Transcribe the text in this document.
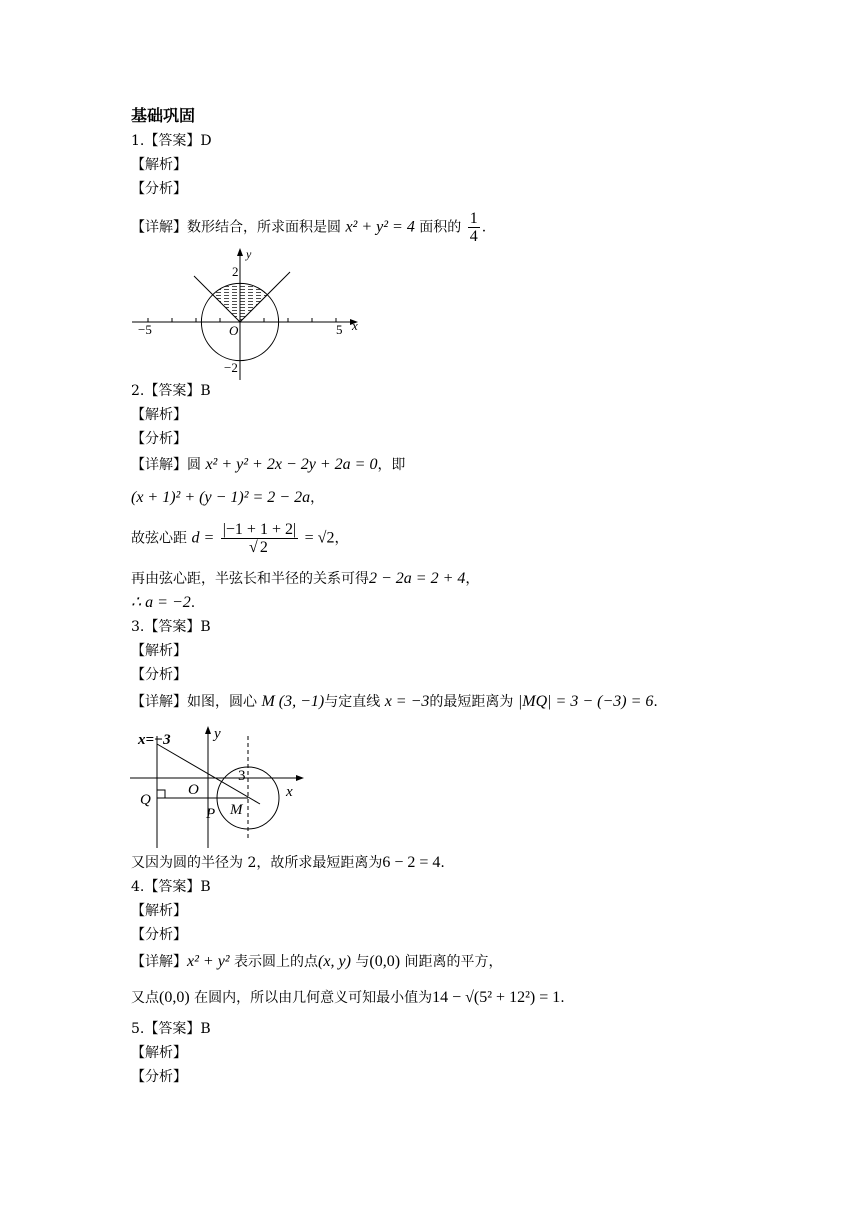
基础巩固
1.【答案】D
【解析】
【分析】
【详解】数形结合，所求面积是圆 x² + y² = 4 面积的 $\frac{1}{4}$ .
y
x
2
−2
−5	5
O
2.【答案】B
【解析】
【分析】
【详解】圆 x² + y² + 2x − 2y + 2a = 0，即
(x + 1)² + (y − 1)² = 2 − 2a，
故弦心距 $d = \frac{|-1 + 1 + 2|}{√ 2} = √2$，
再由弦心距，半弦长和半径的关系可得2 − 2a = 2 + 4，
∴ a = −2.
3.【答案】B
【解析】
【分析】
【详解】如图，圆心 M (3, −1)与定直线 x = −3的最短距离为 |MQ| = 3 − (−3) = 6.
x=−3	y
x
O
Q
P M
3
又因为圆的半径为 2，故所求最短距离为6 − 2 = 4.
4.【答案】B
【解析】
【分析】
【详解】x² + y² 表示圆上的点(x, y) 与(0,0) 间距离的平方，
又点(0,0) 在圆内，所以由几何意义可知最小值为14 − √(5² + 12²) = 1.
5.【答案】B
【解析】
【分析】
